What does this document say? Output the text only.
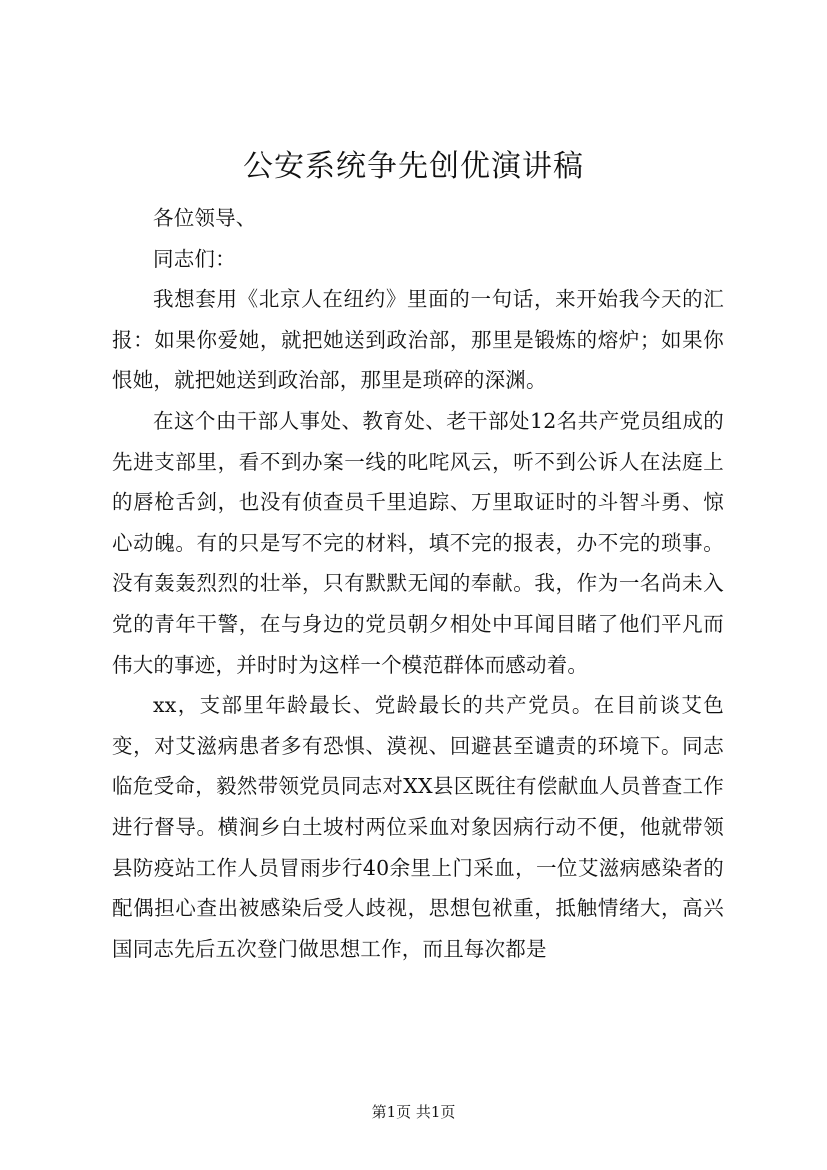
公安系统争先创优演讲稿

各位领导、

同志们：

我想套用《北京人在纽约》里面的一句话，来开始我今天的汇报：如果你爱她，就把她送到政治部，那里是锻炼的熔炉；如果你恨她，就把她送到政治部，那里是琐碎的深渊。

在这个由干部人事处、教育处、老干部处12名共产党员组成的先进支部里，看不到办案一线的叱咤风云，听不到公诉人在法庭上的唇枪舌剑，也没有侦查员千里追踪、万里取证时的斗智斗勇、惊心动魄。有的只是写不完的材料，填不完的报表，办不完的琐事。没有轰轰烈烈的壮举，只有默默无闻的奉献。我，作为一名尚未入党的青年干警，在与身边的党员朝夕相处中耳闻目睹了他们平凡而伟大的事迹，并时时为这样一个模范群体而感动着。

xx，支部里年龄最长、党龄最长的共产党员。在目前谈艾色变，对艾滋病患者多有恐惧、漠视、回避甚至谴责的环境下。同志临危受命，毅然带领党员同志对XX县区既往有偿献血人员普查工作进行督导。横涧乡白土坡村两位采血对象因病行动不便，他就带领县防疫站工作人员冒雨步行40余里上门采血，一位艾滋病感染者的配偶担心查出被感染后受人歧视，思想包袱重，抵触情绪大，高兴国同志先后五次登门做思想工作，而且每次都是

第1页 共1页
